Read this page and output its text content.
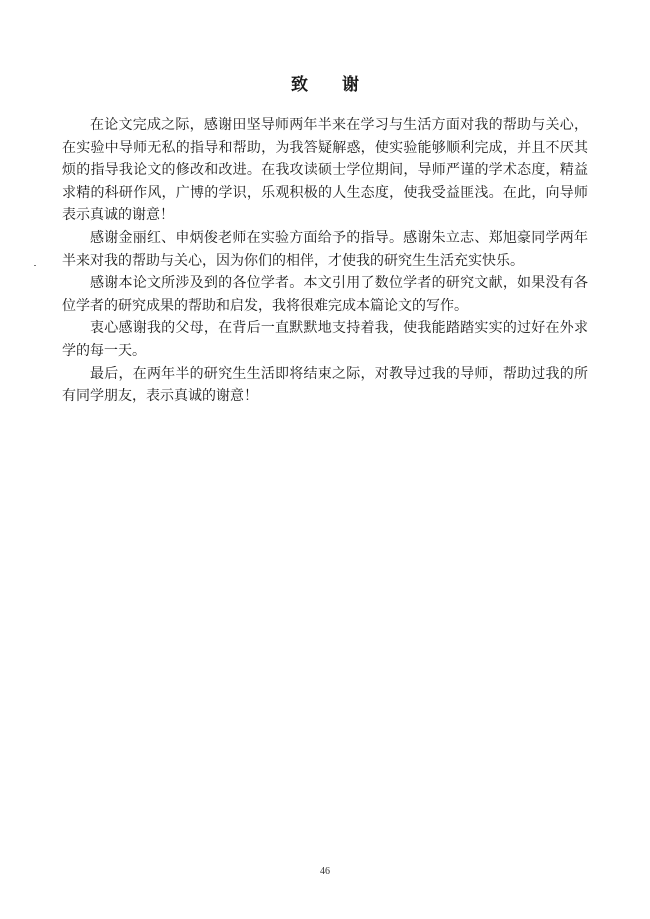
致 谢

在论文完成之际，感谢田坚导师两年半来在学习与生活方面对我的帮助与关心，
在实验中导师无私的指导和帮助，为我答疑解惑，使实验能够顺利完成，并且不厌其
烦的指导我论文的修改和改进。在我攻读硕士学位期间，导师严谨的学术态度，精益
求精的科研作风，广博的学识，乐观积极的人生态度，使我受益匪浅。在此，向导师
表示真诚的谢意！

感谢金丽红、申炳俊老师在实验方面给予的指导。感谢朱立志、郑旭豪同学两年
半来对我的帮助与关心，因为你们的相伴，才使我的研究生生活充实快乐。

感谢本论文所涉及到的各位学者。本文引用了数位学者的研究文献，如果没有各
位学者的研究成果的帮助和启发，我将很难完成本篇论文的写作。

衷心感谢我的父母，在背后一直默默地支持着我，使我能踏踏实实的过好在外求
学的每一天。

最后，在两年半的研究生生活即将结束之际，对教导过我的导师，帮助过我的所
有同学朋友，表示真诚的谢意！

46
